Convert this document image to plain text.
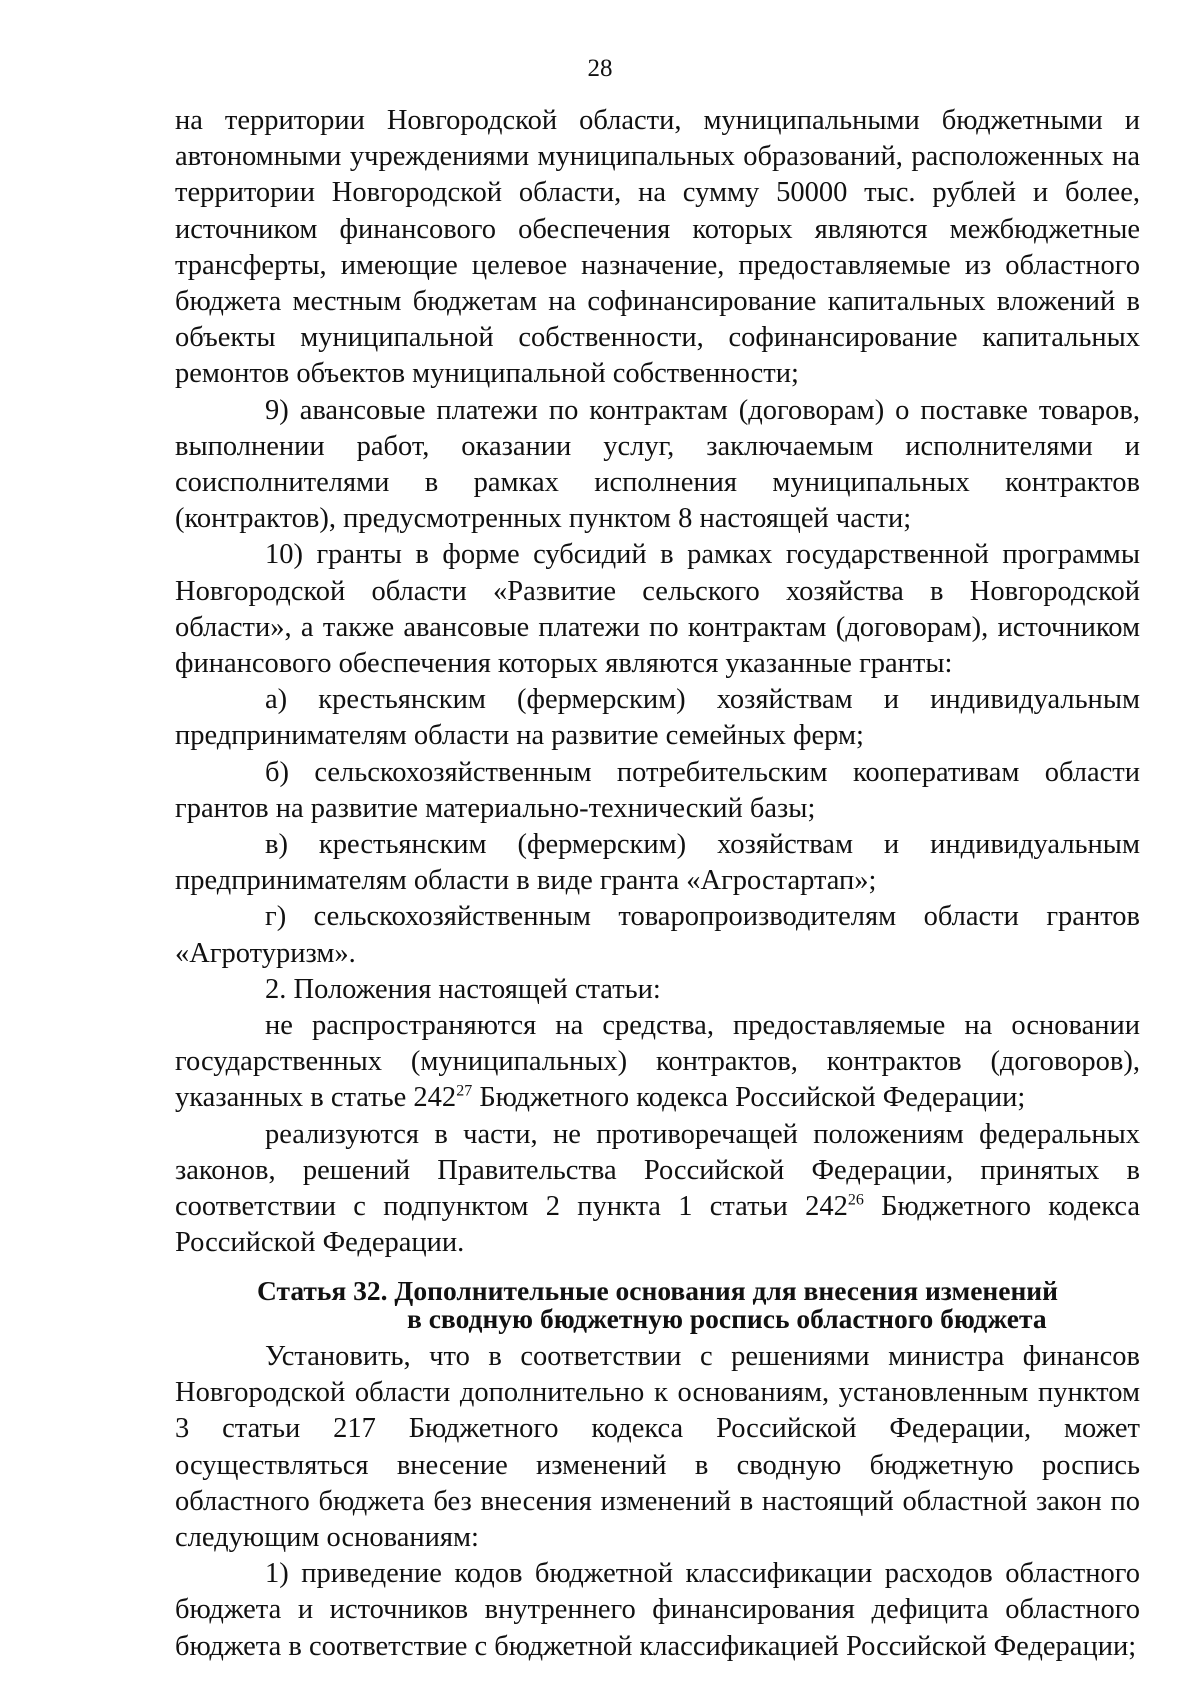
28

на территории Новгородской области, муниципальными бюджетными и автономными учреждениями муниципальных образований, расположенных на территории Новгородской области, на сумму 50000 тыс. рублей и более, источником финансового обеспечения которых являются межбюджетные трансферты, имеющие целевое назначение, предоставляемые из областного бюджета местным бюджетам на софинансирование капитальных вложений в объекты муниципальной собственности, софинансирование капитальных ремонтов объектов муниципальной собственности;

9) авансовые платежи по контрактам (договорам) о поставке товаров, выполнении работ, оказании услуг, заключаемым исполнителями и соисполнителями в рамках исполнения муниципальных контрактов (контрактов), предусмотренных пунктом 8 настоящей части;

10) гранты в форме субсидий в рамках государственной программы Новгородской области «Развитие сельского хозяйства в Новгородской области», а также авансовые платежи по контрактам (договорам), источником финансового обеспечения которых являются указанные гранты:

а) крестьянским (фермерским) хозяйствам и индивидуальным предпринимателям области на развитие семейных ферм;

б) сельскохозяйственным потребительским кооперативам области грантов на развитие материально-технический базы;

в) крестьянским (фермерским) хозяйствам и индивидуальным предпринимателям области в виде гранта «Агростартап»;

г) сельскохозяйственным товаропроизводителям области грантов «Агротуризм».

2. Положения настоящей статьи:

не распространяются на средства, предоставляемые на основании государственных (муниципальных) контрактов, контрактов (договоров), указанных в статье $242^{27}$ Бюджетного кодекса Российской Федерации;

реализуются в части, не противоречащей положениям федеральных законов, решений Правительства Российской Федерации, принятых в соответствии с подпунктом 2 пункта 1 статьи $242^{26}$ Бюджетного кодекса Российской Федерации.

Статья 32. Дополнительные основания для внесения изменений
в сводную бюджетную роспись областного бюджета

Установить, что в соответствии с решениями министра финансов Новгородской области дополнительно к основаниям, установленным пунктом 3 статьи 217 Бюджетного кодекса Российской Федерации, может осуществляться внесение изменений в сводную бюджетную роспись областного бюджета без внесения изменений в настоящий областной закон по следующим основаниям:

1) приведение кодов бюджетной классификации расходов областного бюджета и источников внутреннего финансирования дефицита областного бюджета в соответствие с бюджетной классификацией Российской Федерации;
